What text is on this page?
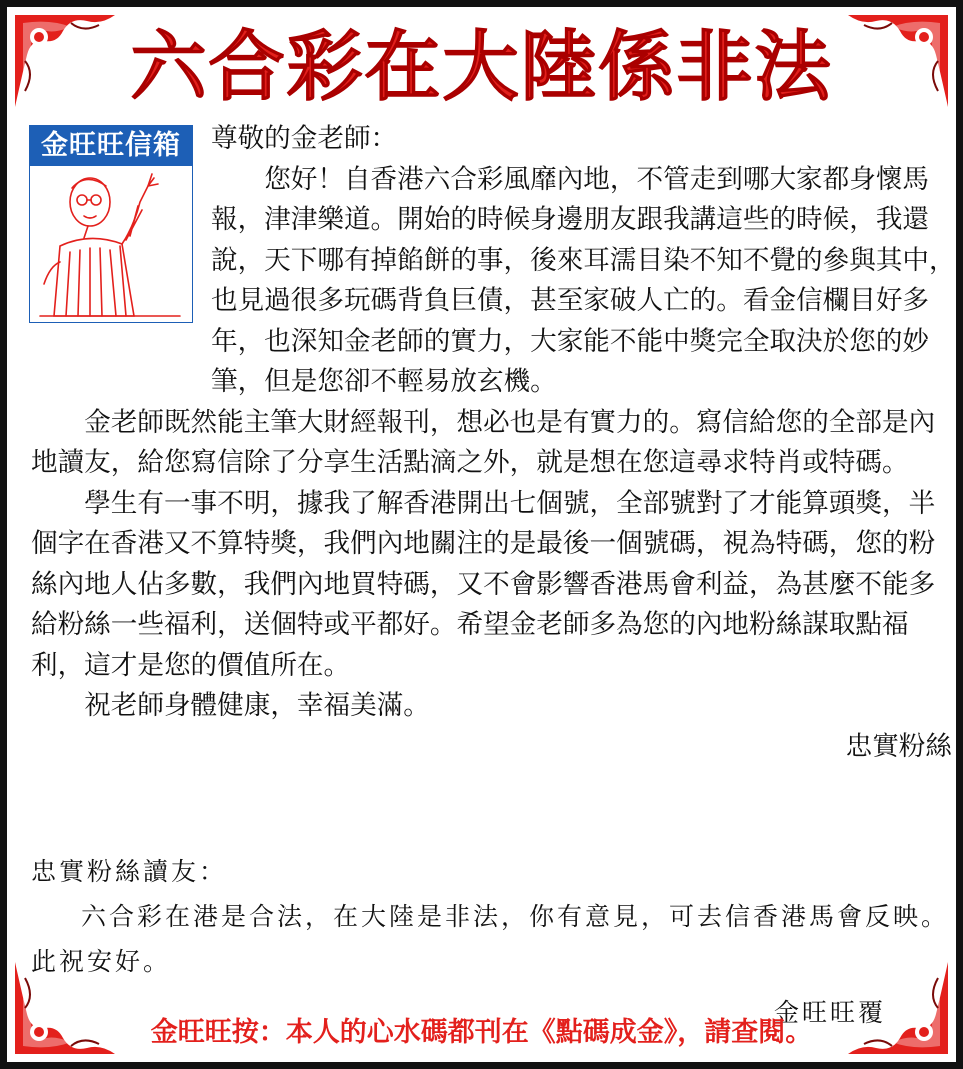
六合彩在大陸係非法
金旺旺信箱	尊敬的金老師：

您好！自香港六合彩風靡內地，不管走到哪大家都身懷馬報，津津樂道。開始的時候身邊朋友跟我講這些的時候，我還說，天下哪有掉餡餅的事，後來耳濡目染不知不覺的參與其中，也見過很多玩碼背負巨債，甚至家破人亡的。看金信欄目好多年，也深知金老師的實力，大家能不能中獎完全取決於您的妙筆，但是您卻不輕易放玄機。

金老師既然能主筆大財經報刊，想必也是有實力的。寫信給您的全部是內地讀友，給您寫信除了分享生活點滴之外，就是想在您這尋求特肖或特碼。

學生有一事不明，據我了解香港開出七個號，全部號對了才能算頭獎，半個字在香港又不算特獎，我們內地關注的是最後一個號碼，視為特碼，您的粉絲內地人佔多數，我們內地買特碼，又不會影響香港馬會利益，為甚麼不能多給粉絲一些福利，送個特或平都好。希望金老師多為您的內地粉絲謀取點福利，這才是您的價值所在。

祝老師身體健康，幸福美滿。

忠實粉絲

忠實粉絲讀友：

六合彩在港是合法，在大陸是非法，你有意見，可去信香港馬會反映。此祝安好。

金旺旺覆

金旺旺按：本人的心水碼都刊在《點碼成金》，請查閱。
